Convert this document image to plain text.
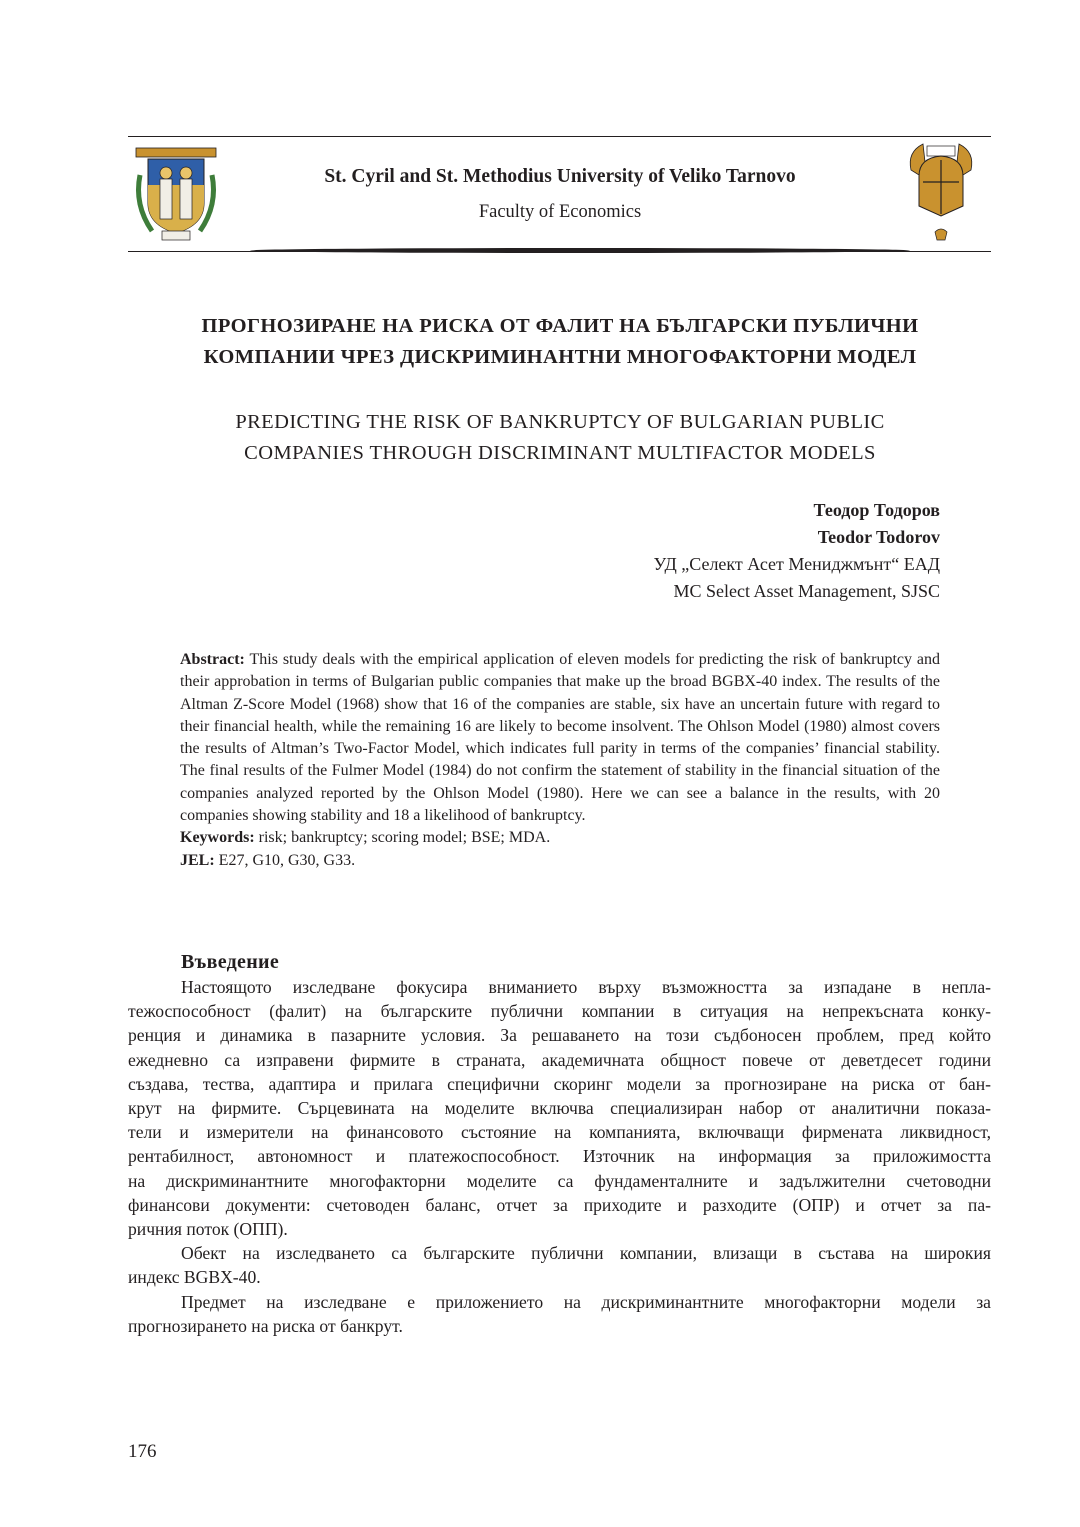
St. Cyril and St. Methodius University of Veliko Tarnovo
Faculty of Economics
ПРОГНОЗИРАНЕ НА РИСКА ОТ ФАЛИТ НА БЪЛГАРСКИ ПУБЛИЧНИ
КОМПАНИИ ЧРЕЗ ДИСКРИМИНАНТНИ МНОГОФАКТОРНИ МОДЕЛ
PREDICTING THE RISK OF BANKRUPTCY OF BULGARIAN PUBLIC
COMPANIES THROUGH DISCRIMINANT MULTIFACTOR MODELS
Теодор Тодоров
Teodor Todorov
УД „Селект Асет Мениджмънт“ ЕАД
MC Select Asset Management, SJSC

Abstract: This study deals with the empirical application of eleven models for predicting the risk of bankruptcy and their approbation in terms of Bulgarian public companies that make up the broad BGBX-40 index. The results of the Altman Z-Score Model (1968) show that 16 of the companies are stable, six have an uncertain future with regard to their financial health, while the remaining 16 are likely to become insolvent. The Ohlson Model (1980) almost covers the results of Altman’s Two-Factor Model, which indicates full parity in terms of the companies’ financial stability. The final results of the Fulmer Model (1984) do not confirm the statement of stability in the financial situation of the companies analyzed reported by the Ohlson Model (1980). Here we can see a balance in the results, with 20 companies showing stability and 18 a likelihood of bankruptcy.

Keywords: risk; bankruptcy; scoring model; BSE; MDA.

JEL: E27, G10, G30, G33.

Въведение
Настоящото изследване фокусира вниманието върху възможността за изпадане в непла-
тежоспособност (фалит) на българските публични компании в ситуация на непрекъсната конку-
ренция и динамика в пазарните условия. За решаването на този съдбоносен проблем, пред който
ежедневно са изправени фирмите в страната, академичната общност повече от деветдесет години
създава, тества, адаптира и прилага специфични скоринг модели за прогнозиране на риска от бан-
крут на фирмите. Сърцевината на моделите включва специализиран набор от аналитични показа-
тели и измерители на финансовото състояние на компанията, включващи фирмената ликвидност,
рентабилност, автономност и платежоспособност. Източник на информация за приложимостта
на дискриминантните многофакторни моделите са фундаменталните и задължителни счетоводни
финансови документи: счетоводен баланс, отчет за приходите и разходите (ОПР) и отчет за па-
ричния поток (ОПП).
Обект на изследването са българските публични компании, влизащи в състава на широкия
индекс BGBX-40.
Предмет на изследване е приложението на дискриминантните многофакторни модели за
прогнозирането на риска от банкрут.
176
